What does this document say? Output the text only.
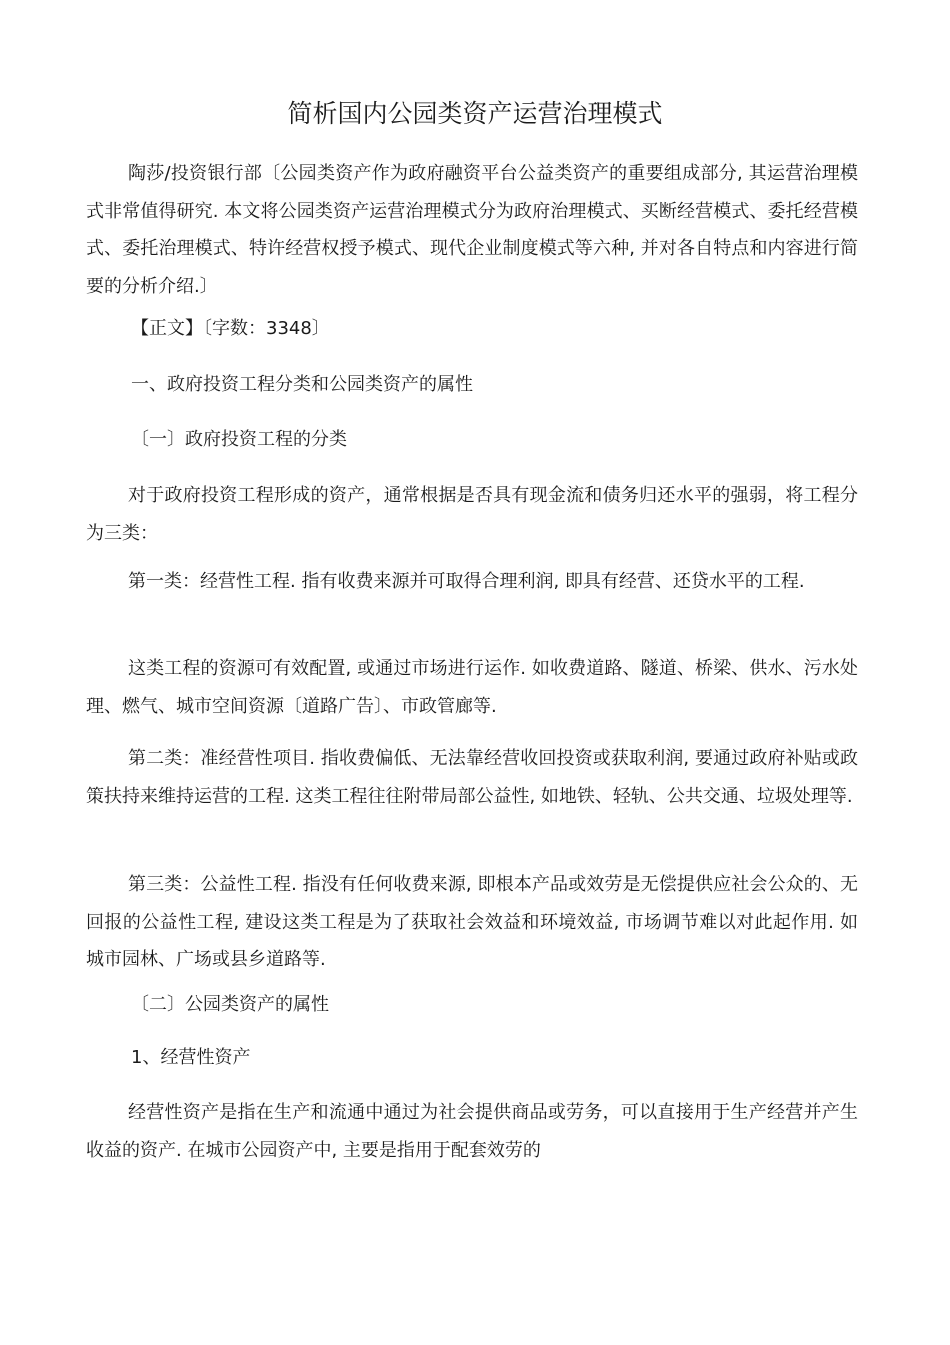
简析国内公园类资产运营治理模式
陶莎/投资银行部〔公园类资产作为政府融资平台公益类资产的重要组成部分, 其运营治理模式非常值得研究. 本文将公园类资产运营治理模式分为政府治理模式、买断经营模式、委托经营模式、委托治理模式、特许经营权授予模式、现代企业制度模式等六种, 并对各自特点和内容进行简要的分析介绍.〕
【正文】〔字数：3348〕
一、政府投资工程分类和公园类资产的属性
〔一〕政府投资工程的分类
对于政府投资工程形成的资产，通常根据是否具有现金流和债务归还水平的强弱，将工程分为三类：
第一类：经营性工程. 指有收费来源并可取得合理利润, 即具有经营、还贷水平的工程.
这类工程的资源可有效配置, 或通过市场进行运作. 如收费道路、隧道、桥梁、供水、污水处理、燃气、城市空间资源〔道路广告〕、市政管廊等.
第二类：准经营性项目. 指收费偏低、无法靠经营收回投资或获取利润, 要通过政府补贴或政策扶持来维持运营的工程. 这类工程往往附带局部公益性, 如地铁、轻轨、公共交通、垃圾处理等.
第三类：公益性工程. 指没有任何收费来源, 即根本产品或效劳是无偿提供应社会公众的、无回报的公益性工程, 建设这类工程是为了获取社会效益和环境效益, 市场调节难以对此起作用. 如城市园林、广场或县乡道路等.
〔二〕公园类资产的属性
1、经营性资产
经营性资产是指在生产和流通中通过为社会提供商品或劳务，可以直接用于生产经营并产生收益的资产. 在城市公园资产中, 主要是指用于配套效劳的
